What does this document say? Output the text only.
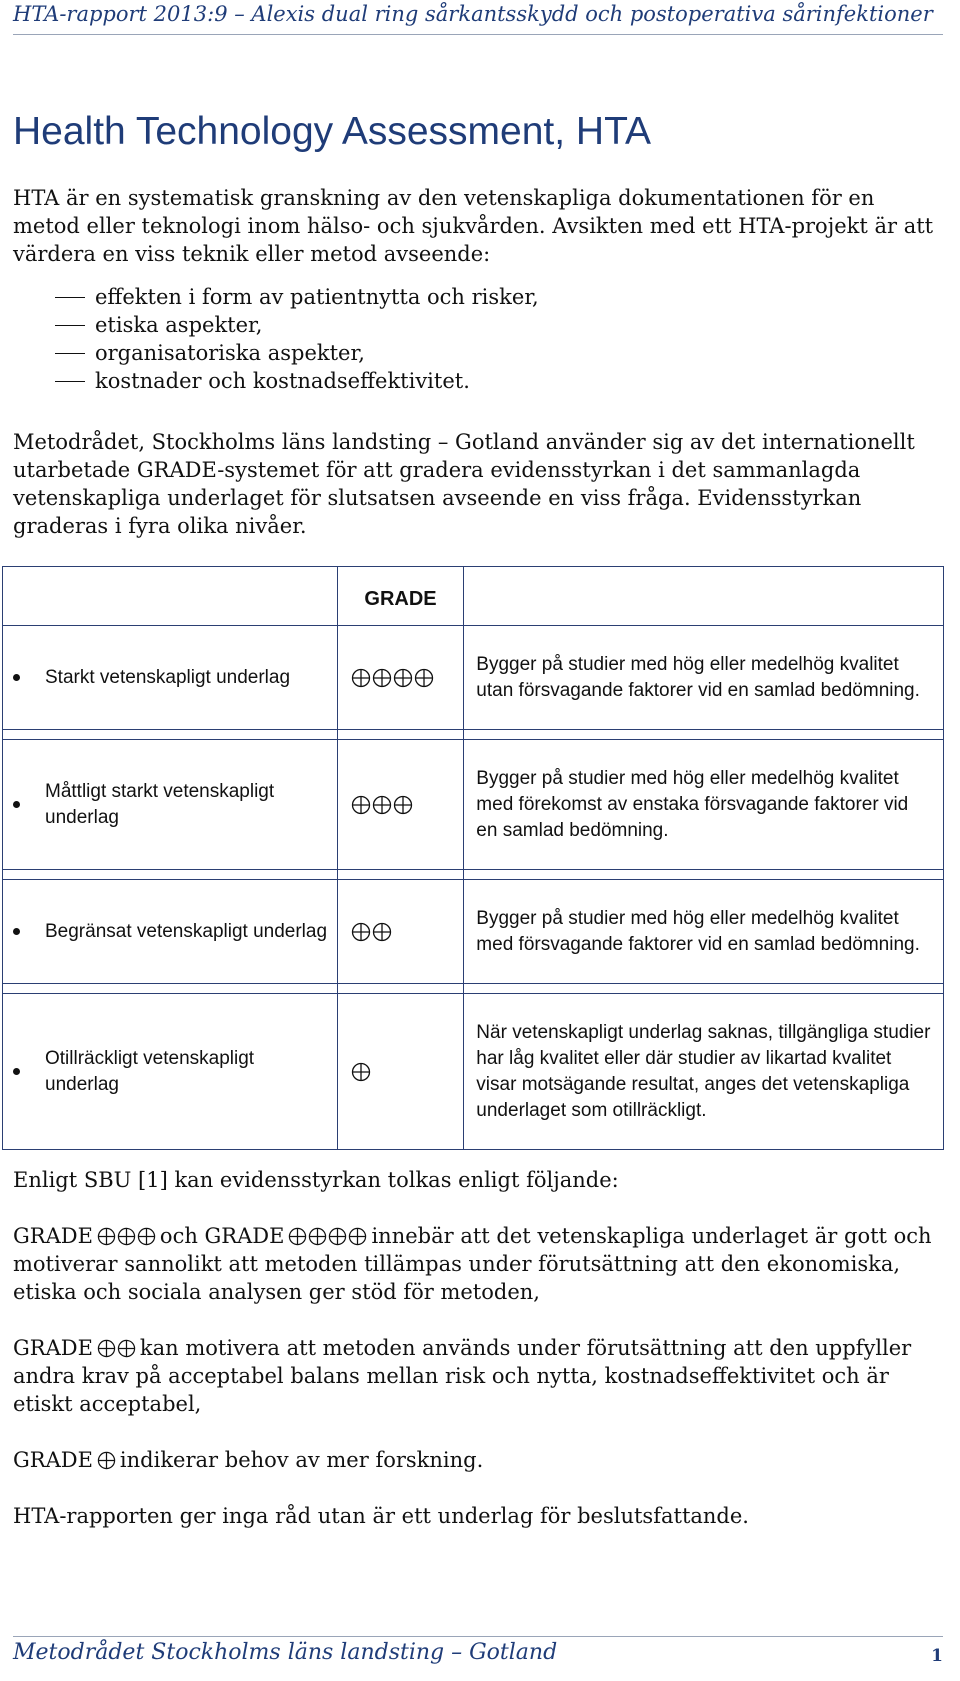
HTA-rapport 2013:9 – Alexis dual ring sårkantsskydd och postoperativa sårinfektioner
Health Technology Assessment, HTA

HTA är en systematisk granskning av den vetenskapliga dokumentationen för en metod eller teknologi inom hälso- och sjukvården. Avsikten med ett HTA-projekt är att värdera en viss teknik eller metod avseende:

effekten i form av patientnytta och risker,
etiska aspekter,
organisatoriska aspekter,
kostnader och kostnadseffektivitet.

Metodrådet, Stockholms läns landsting – Gotland använder sig av det internationellt utarbetade GRADE-systemet för att gradera evidensstyrkan i det sammanlagda vetenskapliga underlaget för slutsatsen avseende en viss fråga. Evidensstyrkan graderas i fyra olika nivåer.

	GRADE	

Starkt vetenskapligt underlag		Bygger på studier med hög eller medelhög kvalitet utan försvagande faktorer vid en samlad bedömning.

Måttligt starkt vetenskapligt underlag		Bygger på studier med hög eller medelhög kvalitet med förekomst av enstaka försvagande faktorer vid en samlad bedömning.

Begränsat vetenskapligt underlag		Bygger på studier med hög eller medelhög kvalitet med försvagande faktorer vid en samlad bedömning.

Otillräckligt vetenskapligt underlag		När vetenskapligt underlag saknas, tillgängliga studier har låg kvalitet eller där studier av likartad kvalitet visar motsägande resultat, anges det vetenskapliga underlaget som otillräckligt.

Enligt SBU [1] kan evidensstyrkan tolkas enligt följande:

GRADE	och GRADE	innebär att det vetenskapliga underlaget är gott och motiverar sannolikt att metoden tillämpas under förutsättning att den ekonomiska, etiska och sociala analysen ger stöd för metoden,

GRADE kan motivera att metoden används under förutsättning att den uppfyller andra krav på acceptabel balans mellan risk och nytta, kostnadseffektivitet och är etiskt acceptabel,

GRADE indikerar behov av mer forskning.

HTA-rapporten ger inga råd utan är ett underlag för beslutsfattande.

Metodrådet Stockholms läns landsting – Gotland	1
